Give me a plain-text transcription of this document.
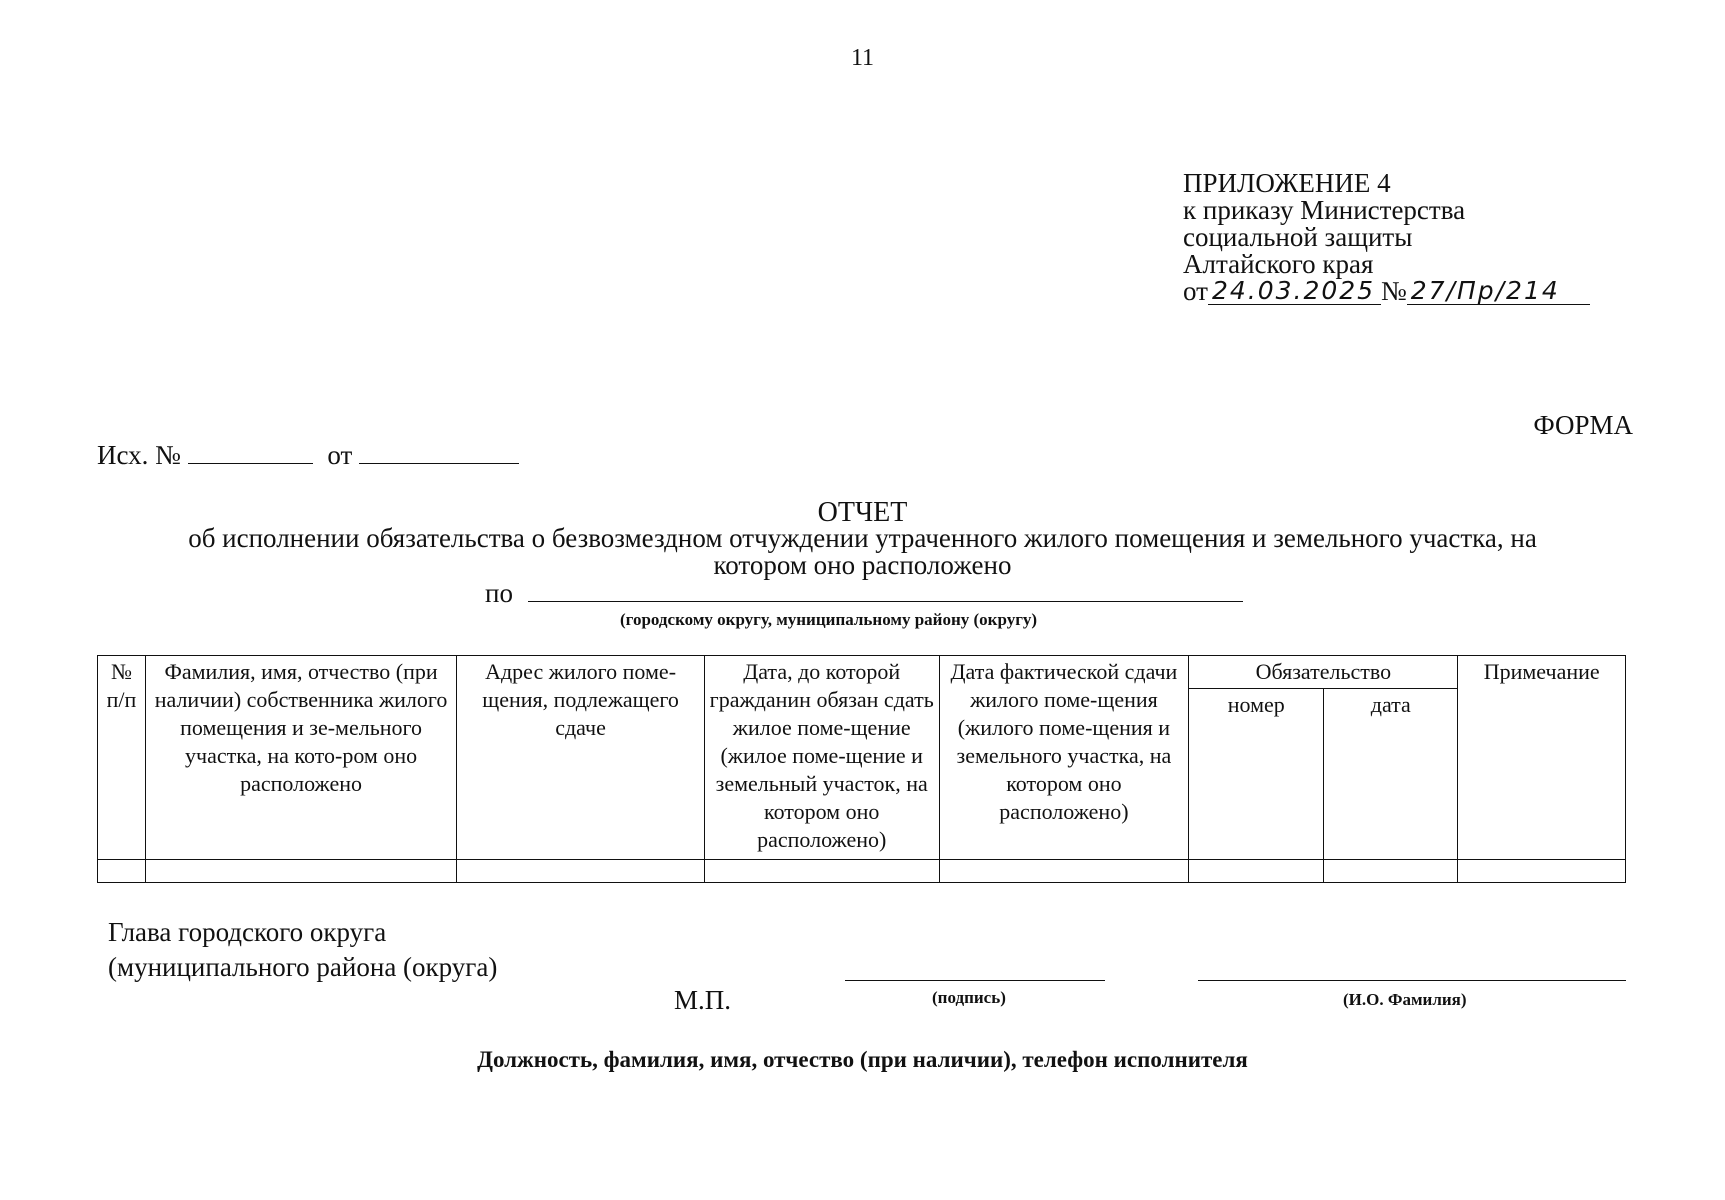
11
ПРИЛОЖЕНИЕ 4
к приказу Министерства
социальной защиты
Алтайского края
от 24.03.2025 № 27/Пр/214
ФОРМА
Исх. №	от
ОТЧЕТ
об исполнении обязательства о безвозмездном отчуждении утраченного жилого помещения и земельного участка, на котором оно расположено
по
(городскому округу, муниципальному району (округу)
№ п/п	Фамилия, имя, отчество (при наличии) собственника жилого помещения и зе-мельного участка, на кото-ром оно расположено	Адрес жилого поме-щения, подлежащего сдаче	Дата, до которой гражданин обязан сдать жилое поме-щение (жилое поме-щение и земельный участок, на котором оно расположено)	Дата фактической сдачи жилого поме-щения (жилого поме-щения и земельного участка, на котором оно расположено)	Обязательство		Примечание
					номер	дата	

Глава городского округа
(муниципального района (округа)
М.П.	(подпись)	(И.О. Фамилия)
Должность, фамилия, имя, отчество (при наличии), телефон исполнителя
